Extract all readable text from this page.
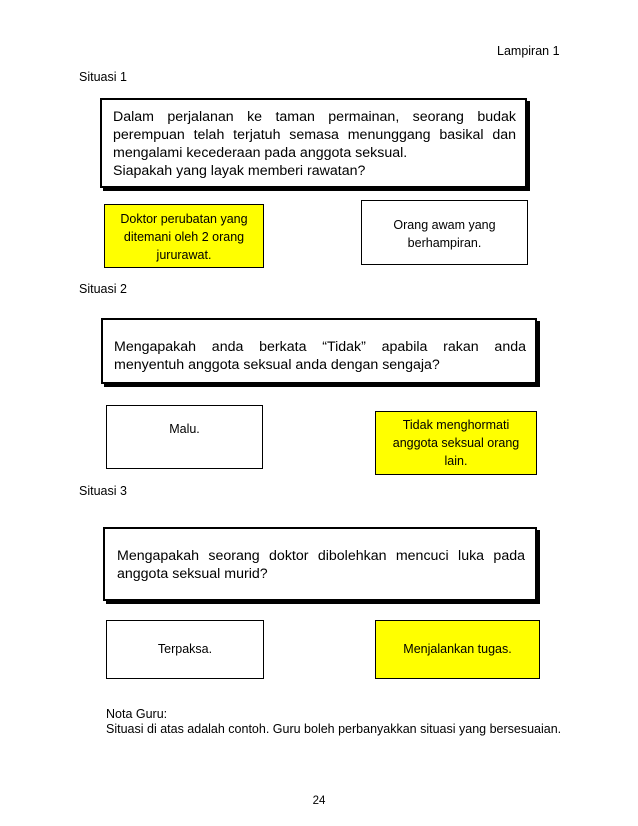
Lampiran 1
Situasi 1
Dalam perjalanan ke taman permainan, seorang budak
perempuan telah terjatuh semasa menunggang basikal dan
mengalami kecederaan pada anggota seksual.
Siapakah yang layak memberi rawatan?
Doktor perubatan yang
ditemani oleh 2 orang
jururawat.
Orang awam yang
berhampiran.
Situasi 2
Mengapakah anda berkata “Tidak” apabila rakan anda
menyentuh anggota seksual anda dengan sengaja?
Malu.	Tidak menghormati
anggota seksual orang
lain.
Situasi 3
Mengapakah seorang doktor dibolehkan mencuci luka pada
anggota seksual murid?
Terpaksa.	Menjalankan tugas.
Nota Guru:
Situasi di atas adalah contoh. Guru boleh perbanyakkan situasi yang bersesuaian.
24
